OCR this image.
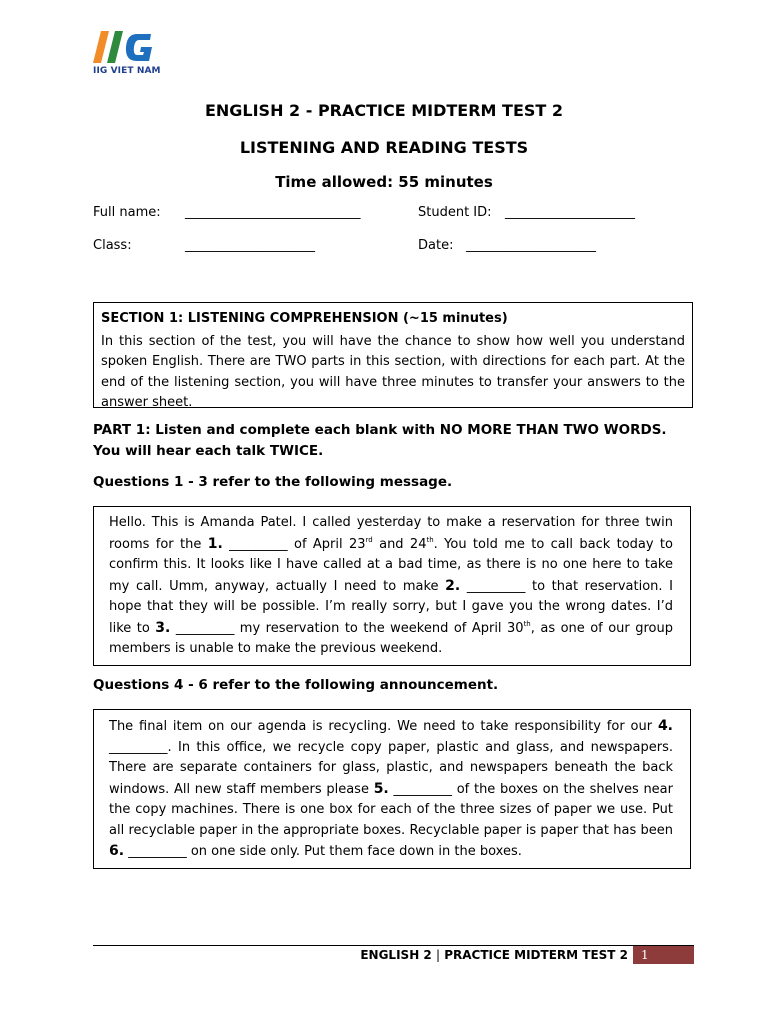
IIG VIET NAM
ENGLISH 2 - PRACTICE MIDTERM TEST 2
LISTENING AND READING TESTS
Time allowed: 55 minutes
Full name: ___________________________	Student ID: ____________________
Class:	____________________	Date: ____________________
SECTION 1: LISTENING COMPREHENSION (~15 minutes)
In this section of the test, you will have the chance to show how well you understand spoken English. There are TWO parts in this section, with directions for each part. At the end of the listening section, you will have three minutes to transfer your answers to the answer sheet.
PART 1: Listen and complete each blank with NO MORE THAN TWO WORDS. You will hear each talk TWICE.
Questions 1 - 3 refer to the following message.
Hello. This is Amanda Patel. I called yesterday to make a reservation for three twin rooms for the 1. _________ of April 23rd and 24th. You told me to call back today to confirm this. It looks like I have called at a bad time, as there is no one here to take my call. Umm, anyway, actually I need to make 2. _________ to that reservation. I hope that they will be possible. I’m really sorry, but I gave you the wrong dates. I’d like to 3. _________ my reservation to the weekend of April 30th, as one of our group members is unable to make the previous weekend.
Questions 4 - 6 refer to the following announcement.
The final item on our agenda is recycling. We need to take responsibility for our 4. _________. In this office, we recycle copy paper, plastic and glass, and newspapers. There are separate containers for glass, plastic, and newspapers beneath the back windows. All new staff members please 5. _________ of the boxes on the shelves near the copy machines. There is one box for each of the three sizes of paper we use. Put all recyclable paper in the appropriate boxes. Recyclable paper is paper that has been 6. _________ on one side only. Put them face down in the boxes.
ENGLISH 2 | PRACTICE MIDTERM TEST 2	1
